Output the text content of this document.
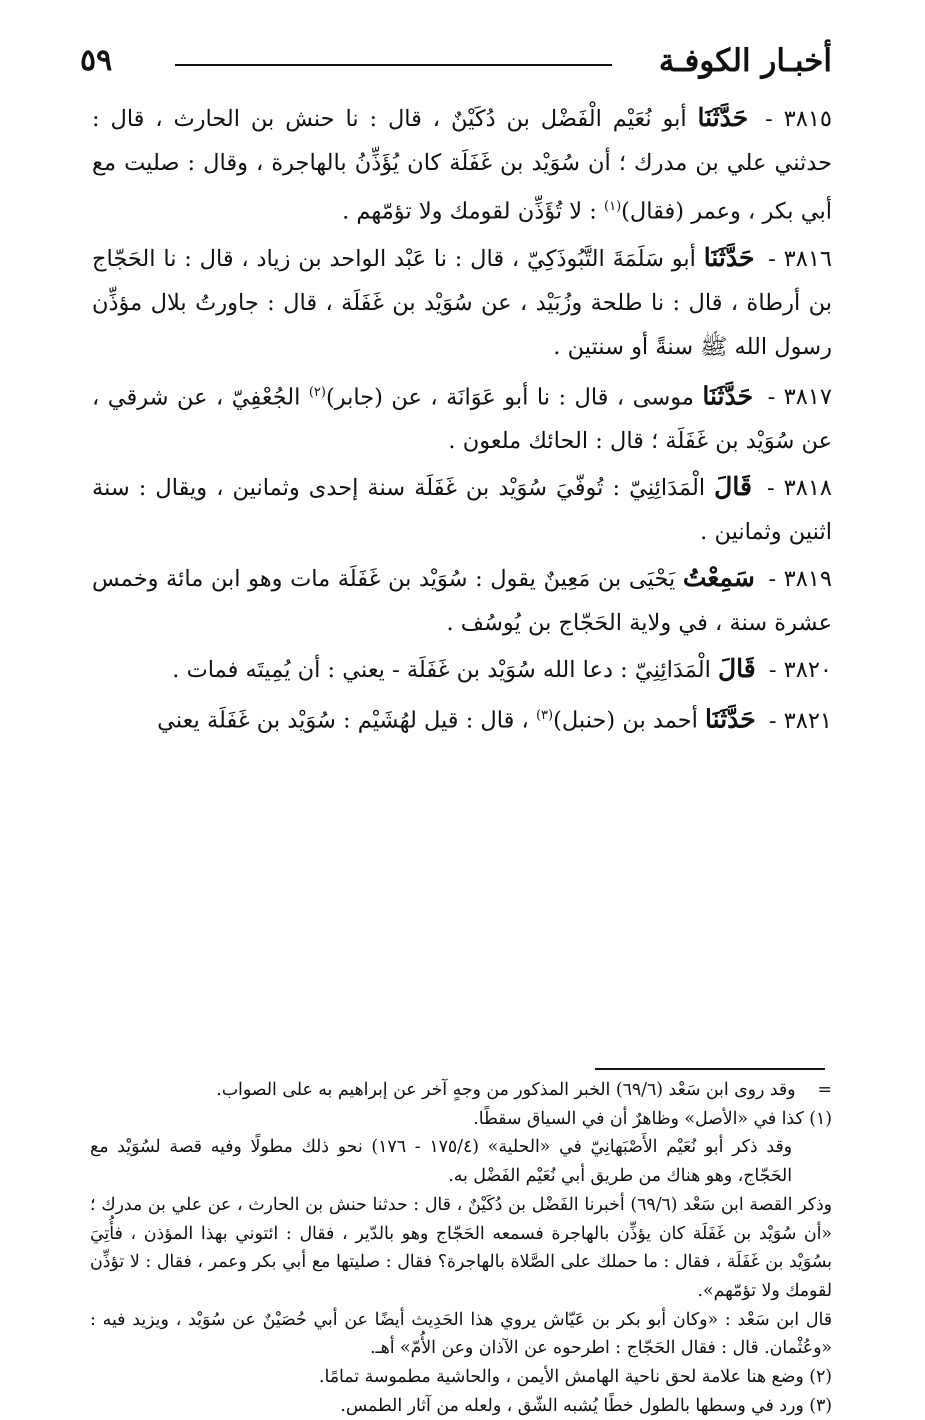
أخبـار الكوفـة
٥٩

٣٨١٥ - حَدَّثَنَا أبو نُعَيْم الْفَضْل بن دُكَيْنٌ ، قال : نا حنش بن الحارث ، قال : حدثني علي بن مدرك ؛ أن سُوَيْد بن غَفَلَة كان يُؤَذِّنُ بالهاجرة ، وقال : صليت مع أبي بكر ، وعمر (فقال)$^{(١)}$ : لا تُؤَذِّن لقومك ولا تؤمّهم .

٣٨١٦ - حَدَّثَنَا أبو سَلَمَةَ التَّبُوذَكِيّ ، قال : نا عَبْد الواحد بن زياد ، قال : نا الحَجّاج بن أرطاة ، قال : نا طلحة وزُبَيْد ، عن سُوَيْد بن غَفَلَة ، قال : جاورتُ بلال مؤذِّن رسول الله ﷺ سنةً أو سنتين .

٣٨١٧ - حَدَّثَنَا موسى ، قال : نا أبو عَوَانَة ، عن (جابر)$^{(٢)}$ الجُعْفِيّ ، عن شرقي ، عن سُوَيْد بن غَفَلَة ؛ قال : الحائك ملعون .

٣٨١٨ - قَالَ الْمَدَائِنِيّ : تُوفّيَ سُوَيْد بن غَفَلَة سنة إحدى وثمانين ، ويقال : سنة اثنين وثمانين .

٣٨١٩ - سَمِعْتُ يَحْيَى بن مَعِينٌ يقول : سُوَيْد بن غَفَلَة مات وهو ابن مائة وخمس عشرة سنة ، في ولاية الحَجّاج بن يُوسُف .

٣٨٢٠ - قَالَ الْمَدَائِنِيّ : دعا الله سُوَيْد بن غَفَلَة - يعني : أن يُمِيتَه فمات .

٣٨٢١ - حَدَّثَنَا أحمد بن (حنبل)$^{(٣)}$ ، قال : قيل لهُشَيْم : سُوَيْد بن غَفَلَة يعني

=    وقد روى ابن سَعْد (٦٩/٦) الخبر المذكور من وجهٍ آخر عن إبراهيم به على الصواب.

(١) كذا في «الأصل» وظاهرٌ أن في السياق سقطًا.

وقد ذكر أبو نُعَيْم الأَصْبَهانِيّ في «الحلية» (١٧٥/٤ - ١٧٦) نحو ذلك مطولًا وفيه قصة لسُوَيْد مع الحَجّاج، وهو هناك من طريق أبي نُعَيْم الفَضْل به.

وذكر القصة ابن سَعْد (٦٩/٦) أخبرنا الفَضْل بن دُكَيْنٌ ، قال : حدثنا حنش بن الحارث ، عن علي بن مدرك ؛ «أن سُوَيْد بن غَفَلَة كان يؤذِّن بالهاجرة فسمعه الحَجّاج وهو بالدّير ، فقال : ائتوني بهذا المؤذن ، فأُتِيَ بسُوَيْد بن غَفَلَة ، فقال : ما حملك على الصَّلاة بالهاجرة؟ فقال : صليتها مع أبي بكر وعمر ، فقال : لا تؤذِّن لقومك ولا تؤمّهم».

قال ابن سَعْد : «وكان أبو بكر بن عَيّاش يروي هذا الحَدِيث أيضًا عن أبي حُصَيْنٌ عن سُوَيْد ، ويزيد فيه : «وعُثْمان. قال : فقال الحَجّاج : اطرحوه عن الآذان وعن الأُمّ» أهـ.

(٢) وضع هنا علامة لحق ناحية الهامش الأيمن ، والحاشية مطموسة تمامًا.

(٣) ورد في وسطها بالطول خطًا يُشبه الشّق ، ولعله من آثار الطمس.
